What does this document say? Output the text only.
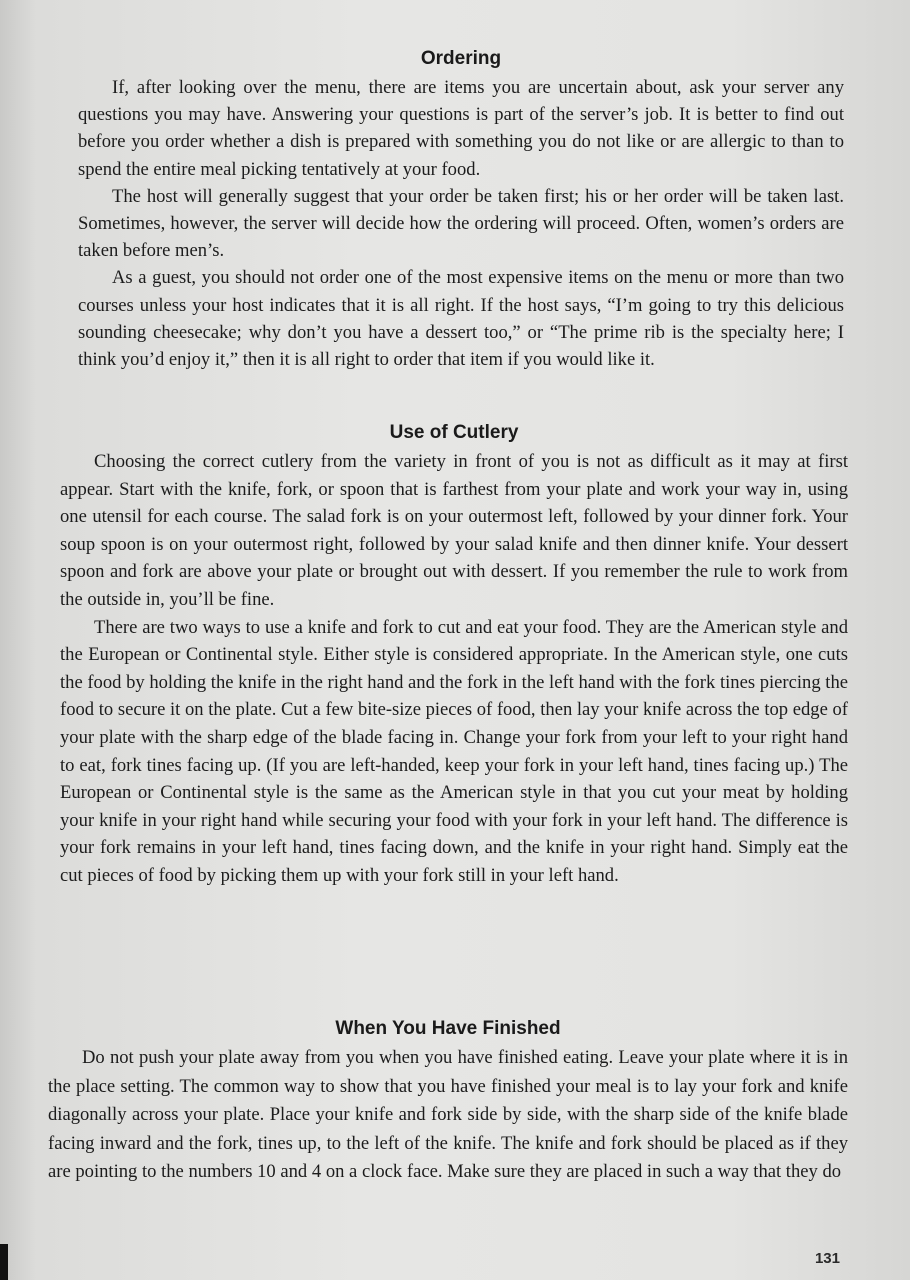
Ordering

If, after looking over the menu, there are items you are uncertain about, ask your server any questions you may have. Answering your questions is part of the server’s job. It is better to find out before you order whether a dish is prepared with something you do not like or are allergic to than to spend the entire meal picking tentatively at your food.

The host will generally suggest that your order be taken first; his or her order will be taken last. Sometimes, however, the server will decide how the ordering will proceed. Often, women’s orders are taken before men’s.

As a guest, you should not order one of the most expensive items on the menu or more than two courses unless your host indicates that it is all right. If the host says, “I’m going to try this delicious sounding cheesecake; why don’t you have a dessert too,” or “The prime rib is the specialty here; I think you’d enjoy it,” then it is all right to order that item if you would like it.

Use of Cutlery

Choosing the correct cutlery from the variety in front of you is not as difficult as it may at first appear. Start with the knife, fork, or spoon that is farthest from your plate and work your way in, using one utensil for each course. The salad fork is on your outermost left, followed by your dinner fork. Your soup spoon is on your outermost right, followed by your salad knife and then dinner knife. Your dessert spoon and fork are above your plate or brought out with dessert. If you remember the rule to work from the outside in, you’ll be fine.

There are two ways to use a knife and fork to cut and eat your food. They are the American style and the European or Continental style. Either style is considered appropriate. In the American style, one cuts the food by holding the knife in the right hand and the fork in the left hand with the fork tines piercing the food to secure it on the plate. Cut a few bite-size pieces of food, then lay your knife across the top edge of your plate with the sharp edge of the blade facing in. Change your fork from your left to your right hand to eat, fork tines facing up. (If you are left-handed, keep your fork in your left hand, tines facing up.) The European or Continental style is the same as the American style in that you cut your meat by holding your knife in your right hand while securing your food with your fork in your left hand. The difference is your fork remains in your left hand, tines facing down, and the knife in your right hand. Simply eat the cut pieces of food by picking them up with your fork still in your left hand.

When You Have Finished

Do not push your plate away from you when you have finished eating. Leave your plate where it is in the place setting. The common way to show that you have finished your meal is to lay your fork and knife diagonally across your plate. Place your knife and fork side by side, with the sharp side of the knife blade facing inward and the fork, tines up, to the left of the knife. The knife and fork should be placed as if they are pointing to the numbers 10 and 4 on a clock face. Make sure they are placed in such a way that they do

131
